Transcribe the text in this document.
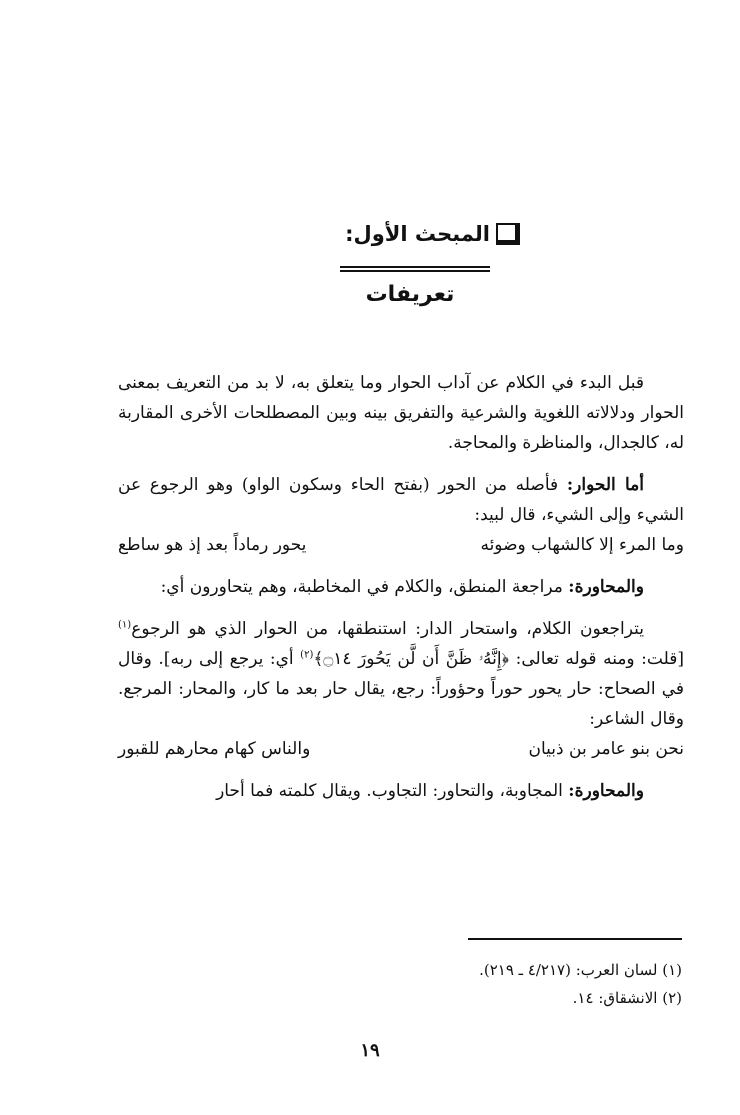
المبحث الأول:
تعريفات

قبل البدء في الكلام عن آداب الحوار وما يتعلق به، لا بد من التعريف بمعنى الحوار ودلالاته اللغوية والشرعية والتفريق بينه وبين المصطلحات الأخرى المقاربة له، كالجدال، والمناظرة والمحاجة.

أما الحوار: فأصله من الحور (بفتح الحاء وسكون الواو) وهو الرجوع عن الشيء وإلى الشيء، قال لبيد:

وما المرء إلا كالشهاب وضوئه
يحور رماداً بعد إذ هو ساطع

والمحاورة: مراجعة المنطق، والكلام في المخاطبة، وهم يتحاورون أي:

يتراجعون الكلام، واستحار الدار: استنطقها، من الحوار الذي هو الرجوع$^{(١)}$ [قلت: ومنه قوله تعالى: ﴿إِنَّهُۥ ظَنَّ أَن لَّن يَحُورَ ۝١٤﴾$^{(٢)}$ أي: يرجع إلى ربه]. وقال في الصحاح: حار يحور حوراً وحؤوراً: رجع، يقال حار بعد ما كار، والمحار: المرجع. وقال الشاعر:

نحن بنو عامر بن ذبيان
والناس كهام محارهم للقبور

والمحاورة: المجاوبة، والتحاور: التجاوب. ويقال كلمته فما أحار

(١) لسان العرب: (٤/٢١٧ ـ ٢١٩).

(٢) الانشقاق: ١٤.

١٩
